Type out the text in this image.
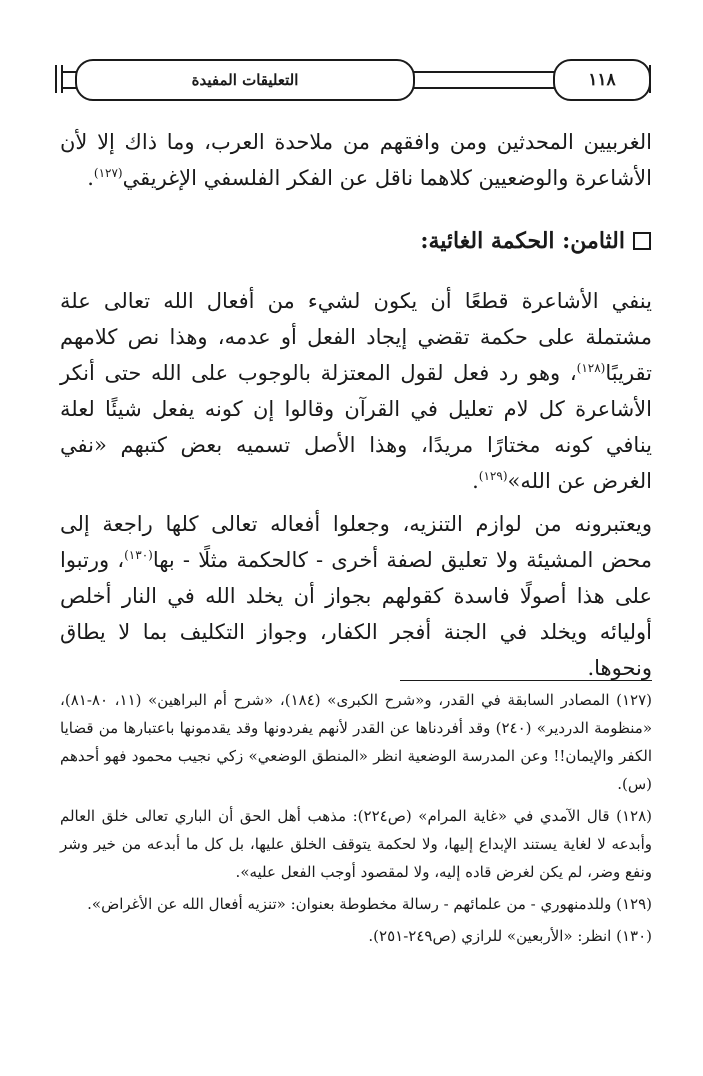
التعليقات المفيدة	١١٨

الغربيين المحدثين ومن وافقهم من ملاحدة العرب، وما ذاك إلا لأن الأشاعرة والوضعيين كلاهما ناقل عن الفكر الفلسفي الإغريقي$^{(١٢٧)}$.

الثامن: الحكمة الغائية:

ينفي الأشاعرة قطعًا أن يكون لشيء من أفعال الله تعالى علة مشتملة على حكمة تقضي إيجاد الفعل أو عدمه، وهذا نص كلامهم تقريبًا$^{(١٢٨)}$، وهو رد فعل لقول المعتزلة بالوجوب على الله حتى أنكر الأشاعرة كل لام تعليل في القرآن وقالوا إن كونه يفعل شيئًا لعلة ينافي كونه مختارًا مريدًا، وهذا الأصل تسميه بعض كتبهم «نفي الغرض عن الله»$^{(١٢٩)}$.

ويعتبرونه من لوازم التنزيه، وجعلوا أفعاله تعالى كلها راجعة إلى محض المشيئة ولا تعليق لصفة أخرى - كالحكمة مثلًا - بها$^{(١٣٠)}$، ورتبوا على هذا أصولًا فاسدة كقولهم بجواز أن يخلد الله في النار أخلص أوليائه ويخلد في الجنة أفجر الكفار، وجواز التكليف بما لا يطاق ونحوها.

(١٢٧) المصادر السابقة في القدر، و«شرح الكبرى» (١٨٤)، «شرح أم البراهين» (١١، ٨٠-٨١)، «منظومة الدردير» (٢٤٠) وقد أفردناها عن القدر لأنهم يفردونها وقد يقدمونها باعتبارها من قضايا الكفر والإيمان!! وعن المدرسة الوضعية انظر «المنطق الوضعي» زكي نجيب محمود فهو أحدهم (س).

(١٢٨) قال الآمدي في «غاية المرام» (ص٢٢٤): مذهب أهل الحق أن الباري تعالى خلق العالم وأبدعه لا لغاية يستند الإبداع إليها، ولا لحكمة يتوقف الخلق عليها، بل كل ما أبدعه من خير وشر ونفع وضر، لم يكن لغرض قاده إليه، ولا لمقصود أوجب الفعل عليه».

(١٢٩) وللدمنهوري - من علمائهم - رسالة مخطوطة بعنوان: «تنزيه أفعال الله عن الأغراض».

(١٣٠) انظر: «الأربعين» للرازي (ص٢٤٩-٢٥١).
